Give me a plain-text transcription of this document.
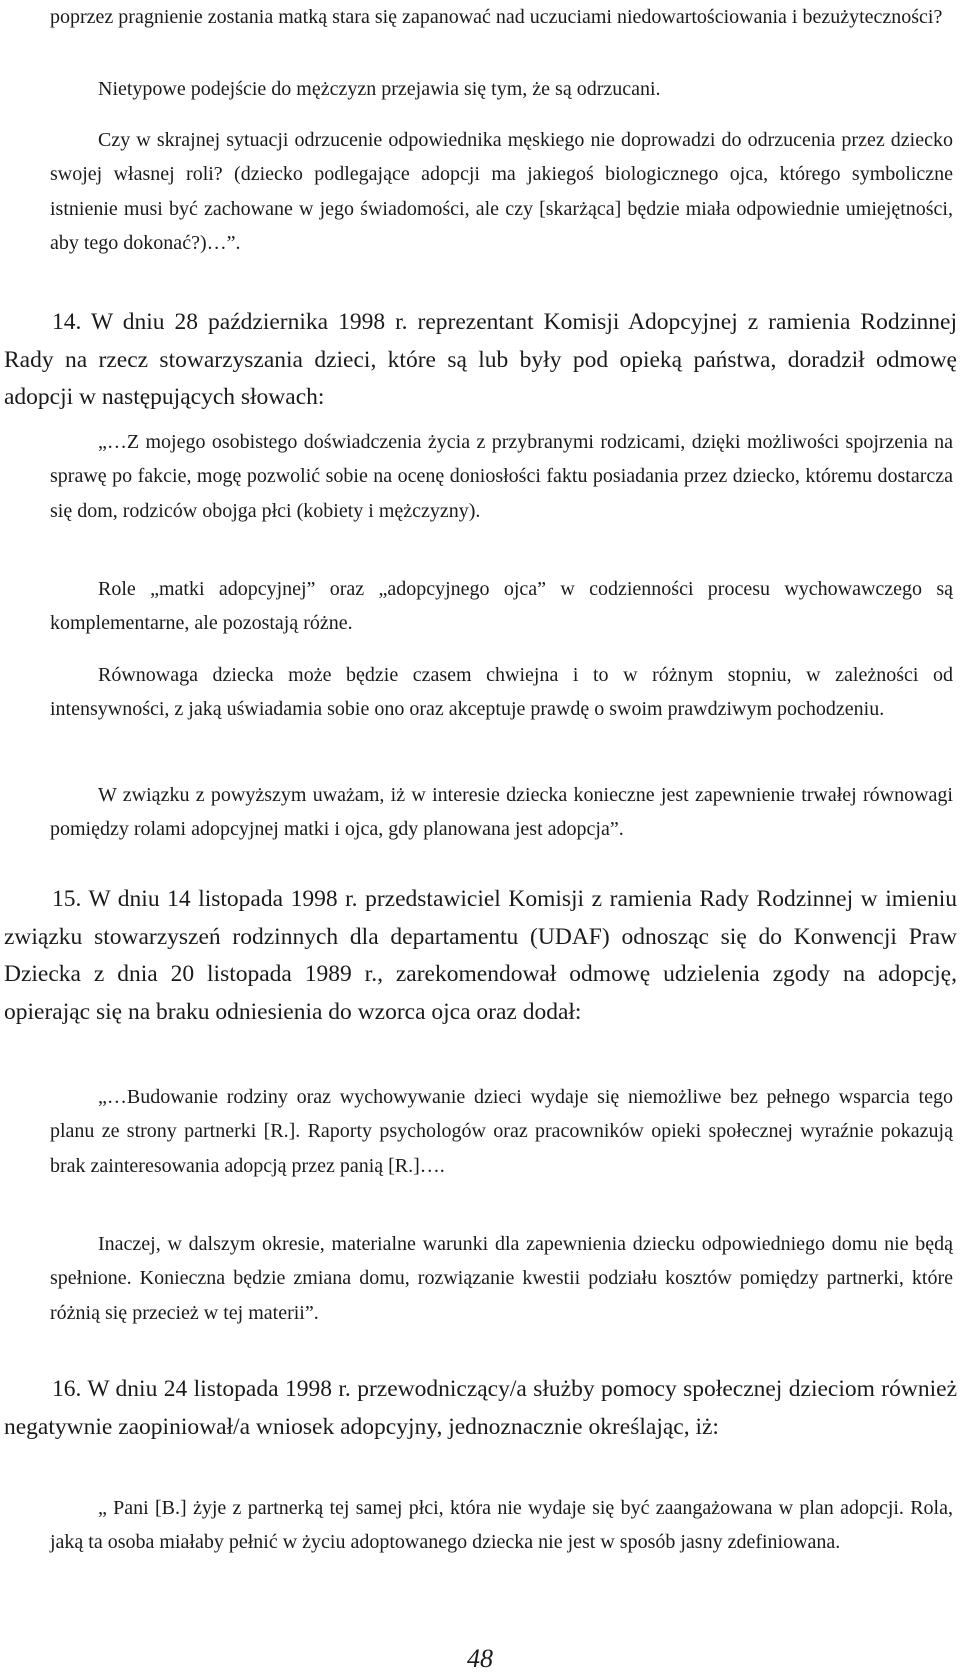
poprzez pragnienie zostania matką stara się zapanować nad uczuciami niedowartościowania i bezużyteczności?

Nietypowe podejście do mężczyzn przejawia się tym, że są odrzucani.

Czy w skrajnej sytuacji odrzucenie odpowiednika męskiego nie doprowadzi do odrzucenia przez dziecko swojej własnej roli? (dziecko podlegające adopcji ma jakiegoś biologicznego ojca, którego symboliczne istnienie musi być zachowane w jego świadomości, ale czy [skarżąca] będzie miała odpowiednie umiejętności, aby tego dokonać?)…”.

14. W dniu 28 października 1998 r. reprezentant Komisji Adopcyjnej z ramienia Rodzinnej Rady na rzecz stowarzyszania dzieci, które są lub były pod opieką państwa, doradził odmowę adopcji w następujących słowach:

„…Z mojego osobistego doświadczenia życia z przybranymi rodzicami, dzięki możliwości spojrzenia na sprawę po fakcie, mogę pozwolić sobie na ocenę doniosłości faktu posiadania przez dziecko, któremu dostarcza się dom, rodziców obojga płci (kobiety i mężczyzny).

Role „matki adopcyjnej” oraz „adopcyjnego ojca” w codzienności procesu wychowawczego są komplementarne, ale pozostają różne.

Równowaga dziecka może będzie czasem chwiejna i to w różnym stopniu, w zależności od intensywności, z jaką uświadamia sobie ono oraz akceptuje prawdę o swoim prawdziwym pochodzeniu.

W związku z powyższym uważam, iż w interesie dziecka konieczne jest zapewnienie trwałej równowagi pomiędzy rolami adopcyjnej matki i ojca, gdy planowana jest adopcja”.

15. W dniu 14 listopada 1998 r. przedstawiciel Komisji z ramienia Rady Rodzinnej w imieniu związku stowarzyszeń rodzinnych dla departamentu (UDAF) odnosząc się do Konwencji Praw Dziecka z dnia 20 listopada 1989 r., zarekomendował odmowę udzielenia zgody na adopcję, opierając się na braku odniesienia do wzorca ojca oraz dodał:

„…Budowanie rodziny oraz wychowywanie dzieci wydaje się niemożliwe bez pełnego wsparcia tego planu ze strony partnerki [R.]. Raporty psychologów oraz pracowników opieki społecznej wyraźnie pokazują brak zainteresowania adopcją przez panią [R.]….

Inaczej, w dalszym okresie, materialne warunki dla zapewnienia dziecku odpowiedniego domu nie będą spełnione. Konieczna będzie zmiana domu, rozwiązanie kwestii podziału kosztów pomiędzy partnerki, które różnią się przecież w tej materii”.

16. W dniu 24 listopada 1998 r. przewodniczący/a służby pomocy społecznej dzieciom również negatywnie zaopiniował/a wniosek adopcyjny, jednoznacznie określając, iż:

„ Pani [B.] żyje z partnerką tej samej płci, która nie wydaje się być zaangażowana w plan adopcji. Rola, jaką ta osoba miałaby pełnić w życiu adoptowanego dziecka nie jest w sposób jasny zdefiniowana.

48
